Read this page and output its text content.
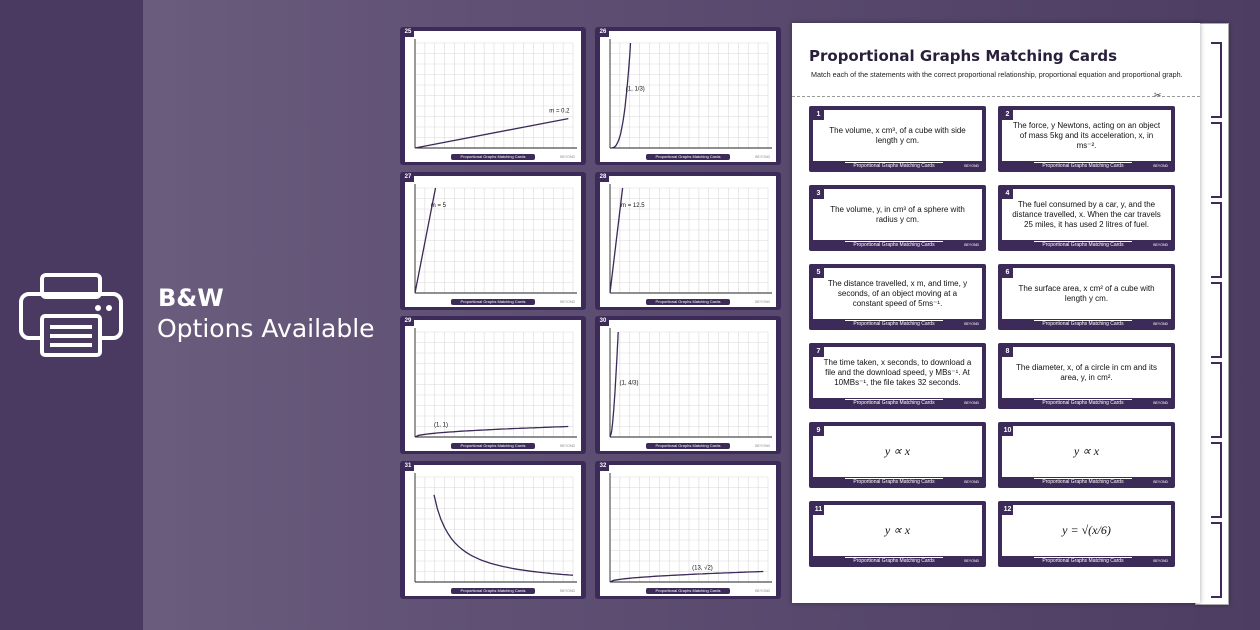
B&W
Options Available
m = 0.2
Proportional Graphs Matching Cards	BEYOND
25
(1, 1/3)
Proportional Graphs Matching Cards	BEYOND
26
m = 5
Proportional Graphs Matching Cards	BEYOND
27
m = 12.5
Proportional Graphs Matching Cards	BEYOND
28
(1, 1)
Proportional Graphs Matching Cards	BEYOND
29
(1, 4/3)
Proportional Graphs Matching Cards	BEYOND
30
Proportional Graphs Matching Cards	BEYOND
31
(13, √2)
Proportional Graphs Matching Cards	BEYOND
32
Proportional Graphs Matching Cards
Match each of the statements with the correct proportional relationship, proportional equation and proportional graph.
✂
The volume, x cm³, of a cube with side length y cm.
1
Proportional Graphs Matching Cards	BEYOND
The force, y Newtons, acting on an object of mass 5kg and its acceleration, x, in ms⁻².
2
Proportional Graphs Matching Cards	BEYOND
The volume, y, in cm³ of a sphere with radius y cm.
3
Proportional Graphs Matching Cards	BEYOND
The fuel consumed by a car, y, and the distance travelled, x. When the car travels 25 miles, it has used 2 litres of fuel.
4
Proportional Graphs Matching Cards	BEYOND
The distance travelled, x m, and time, y seconds, of an object moving at a constant speed of 5ms⁻¹.
5
Proportional Graphs Matching Cards	BEYOND
The surface area, x cm² of a cube with length y cm.
6
Proportional Graphs Matching Cards	BEYOND
The time taken, x seconds, to download a file and the download speed, y MBs⁻¹. At 10MBs⁻¹, the file takes 32 seconds.
7
Proportional Graphs Matching Cards	BEYOND
The diameter, x, of a circle in cm and its area, y, in cm².
8
Proportional Graphs Matching Cards	BEYOND
y ∝ x
9
Proportional Graphs Matching Cards	BEYOND
y ∝ x
10
Proportional Graphs Matching Cards	BEYOND
y ∝ x
11
Proportional Graphs Matching Cards	BEYOND
y = √(x/6)
12
Proportional Graphs Matching Cards	BEYOND
